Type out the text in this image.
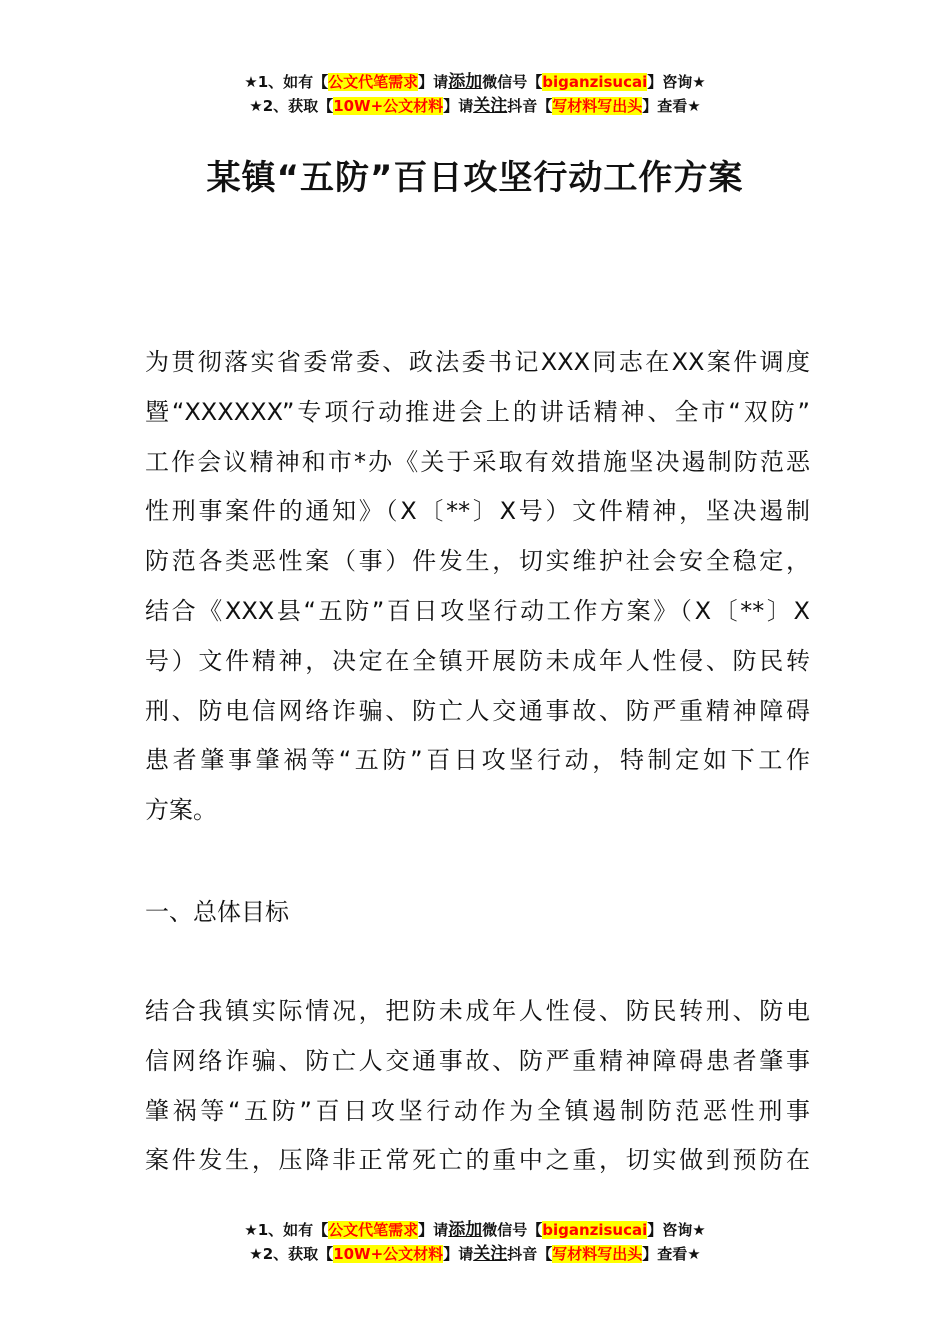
★1、如有【公文代笔需求】请添加微信号【biganzisucai】咨询★
★2、获取【10W+公文材料】请关注抖音【写材料写出头】查看★
某镇“五防”百日攻坚行动工作方案
为贯彻落实省委常委、政法委书记XXX同志在XX案件调度
暨“XXXXXX”专项行动推进会上的讲话精神、全市“双防”
工作会议精神和市*办《关于采取有效措施坚决遏制防范恶
性刑事案件的通知》（X〔**〕X号）文件精神，坚决遏制
防范各类恶性案（事）件发生，切实维护社会安全稳定，
结合《XXX县“五防”百日攻坚行动工作方案》（X〔**〕X
号）文件精神，决定在全镇开展防未成年人性侵、防民转
刑、防电信网络诈骗、防亡人交通事故、防严重精神障碍
患者肇事肇祸等“五防”百日攻坚行动，特制定如下工作
方案。
一、总体目标
结合我镇实际情况，把防未成年人性侵、防民转刑、防电
信网络诈骗、防亡人交通事故、防严重精神障碍患者肇事
肇祸等“五防”百日攻坚行动作为全镇遏制防范恶性刑事
案件发生，压降非正常死亡的重中之重，切实做到预防在
★1、如有【公文代笔需求】请添加微信号【biganzisucai】咨询★
★2、获取【10W+公文材料】请关注抖音【写材料写出头】查看★
